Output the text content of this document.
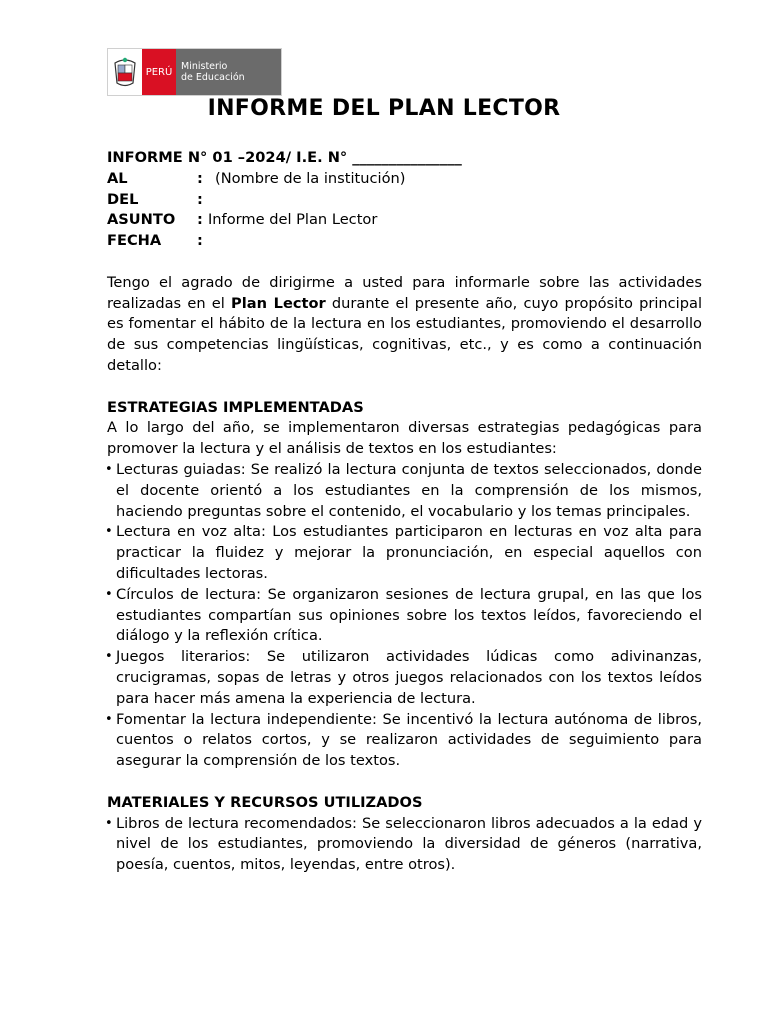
PERÚ Ministerio
de Educación
INFORME DEL PLAN LECTOR
INFORME N° 01 –2024/ I.E. N° _______________
AL	: (Nombre de la institución)
DEL	:
ASUNTO	: Informe del Plan Lector
FECHA	:

Tengo el agrado de dirigirme a usted para informarle sobre las actividades realizadas en el Plan Lector durante el presente año, cuyo propósito principal es fomentar el hábito de la lectura en los estudiantes, promoviendo el desarrollo de sus competencias lingüísticas, cognitivas, etc., y es como a continuación detallo:

ESTRATEGIAS IMPLEMENTADAS

A lo largo del año, se implementaron diversas estrategias pedagógicas para promover la lectura y el análisis de textos en los estudiantes:

• Lecturas guiadas: Se realizó la lectura conjunta de textos seleccionados, donde el docente orientó a los estudiantes en la comprensión de los mismos, haciendo preguntas sobre el contenido, el vocabulario y los temas principales.
• Lectura en voz alta: Los estudiantes participaron en lecturas en voz alta para practicar la fluidez y mejorar la pronunciación, en especial aquellos con dificultades lectoras.
• Círculos de lectura: Se organizaron sesiones de lectura grupal, en las que los estudiantes compartían sus opiniones sobre los textos leídos, favoreciendo el diálogo y la reflexión crítica.
• Juegos literarios: Se utilizaron actividades lúdicas como adivinanzas, crucigramas, sopas de letras y otros juegos relacionados con los textos leídos para hacer más amena la experiencia de lectura.
• Fomentar la lectura independiente: Se incentivó la lectura autónoma de libros, cuentos o relatos cortos, y se realizaron actividades de seguimiento para asegurar la comprensión de los textos.
MATERIALES Y RECURSOS UTILIZADOS
• Libros de lectura recomendados: Se seleccionaron libros adecuados a la edad y nivel de los estudiantes, promoviendo la diversidad de géneros (narrativa, poesía, cuentos, mitos, leyendas, entre otros).
